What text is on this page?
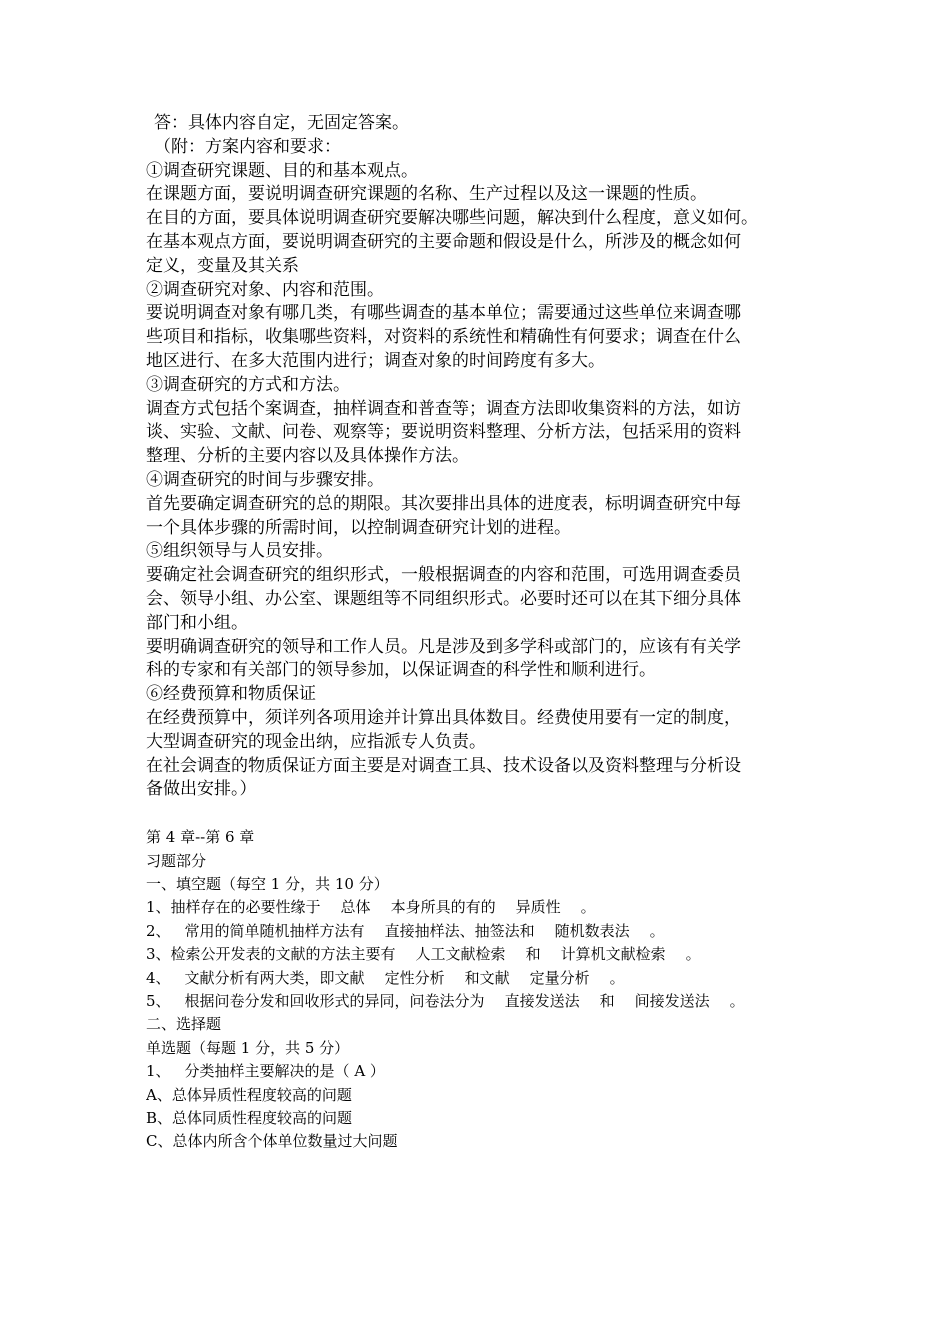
答：具体内容自定，无固定答案。
（附：方案内容和要求：
①调查研究课题、目的和基本观点。
在课题方面，要说明调查研究课题的名称、生产过程以及这一课题的性质。
在目的方面，要具体说明调查研究要解决哪些问题，解决到什么程度，意义如何。
在基本观点方面，要说明调查研究的主要命题和假设是什么，所涉及的概念如何
定义，变量及其关系
②调查研究对象、内容和范围。
要说明调查对象有哪几类，有哪些调查的基本单位；需要通过这些单位来调查哪
些项目和指标，收集哪些资料，对资料的系统性和精确性有何要求；调查在什么
地区进行、在多大范围内进行；调查对象的时间跨度有多大。
③调查研究的方式和方法。
调查方式包括个案调查，抽样调查和普查等；调查方法即收集资料的方法，如访
谈、实验、文献、问卷、观察等；要说明资料整理、分析方法，包括采用的资料
整理、分析的主要内容以及具体操作方法。
④调查研究的时间与步骤安排。
首先要确定调查研究的总的期限。其次要排出具体的进度表，标明调查研究中每
一个具体步骤的所需时间，以控制调查研究计划的进程。
⑤组织领导与人员安排。
要确定社会调查研究的组织形式，一般根据调查的内容和范围，可选用调查委员
会、领导小组、办公室、课题组等不同组织形式。必要时还可以在其下细分具体
部门和小组。
要明确调查研究的领导和工作人员。凡是涉及到多学科或部门的，应该有有关学
科的专家和有关部门的领导参加，以保证调查的科学性和顺利进行。
⑥经费预算和物质保证
在经费预算中，须详列各项用途并计算出具体数目。经费使用要有一定的制度，
大型调查研究的现金出纳，应指派专人负责。
在社会调查的物质保证方面主要是对调查工具、技术设备以及资料整理与分析设
备做出安排。）
第 4 章--第 6 章
习题部分
一、填空题（每空 1 分，共 10 分）
1、抽样存在的必要性缘于 总体 本身所具的有的 异质性 。
2、 常用的简单随机抽样方法有 直接抽样法、抽签法和 随机数表法 。
3、检索公开发表的文献的方法主要有 人工文献检索 和 计算机文献检索 。
4、 文献分析有两大类，即文献 定性分析 和文献 定量分析 。
5、 根据问卷分发和回收形式的异同，问卷法分为 直接发送法 和 间接发送法 。
二、选择题
单选题（每题 1 分，共 5 分）
1、 分类抽样主要解决的是（ A ）
A、总体异质性程度较高的问题
B、总体同质性程度较高的问题
C、总体内所含个体单位数量过大问题
